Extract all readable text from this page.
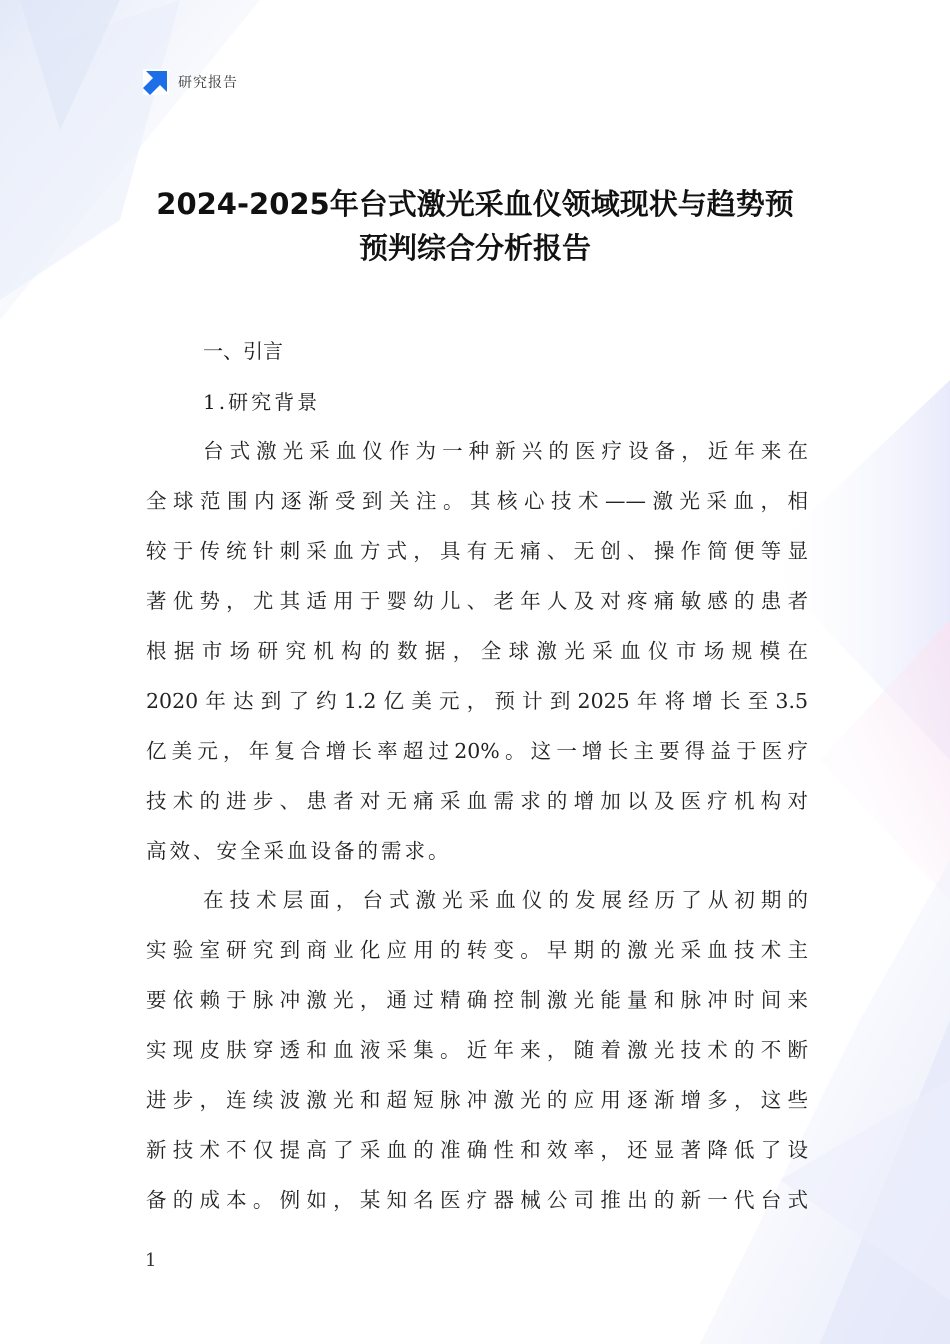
研究报告
2024-2025年台式激光采血仪领域现状与趋势预
预判综合分析报告
一、引言
1.研究背景
台式激光采血仪作为一种新兴的医疗设备，近年来在
全球范围内逐渐受到关注。其核心技术——激光采血，相
较于传统针刺采血方式，具有无痛、无创、操作简便等显
著优势，尤其适用于婴幼儿、老年人及对疼痛敏感的患者
根据市场研究机构的数据，全球激光采血仪市场规模在
2020年达到了约1.2亿美元，预计到2025年将增长至3.5
亿美元，年复合增长率超过20%。这一增长主要得益于医疗
技术的进步、患者对无痛采血需求的增加以及医疗机构对
高效、安全采血设备的需求。
在技术层面，台式激光采血仪的发展经历了从初期的
实验室研究到商业化应用的转变。早期的激光采血技术主
要依赖于脉冲激光，通过精确控制激光能量和脉冲时间来
实现皮肤穿透和血液采集。近年来，随着激光技术的不断
进步，连续波激光和超短脉冲激光的应用逐渐增多，这些
新技术不仅提高了采血的准确性和效率，还显著降低了设
备的成本。例如，某知名医疗器械公司推出的新一代台式
1
